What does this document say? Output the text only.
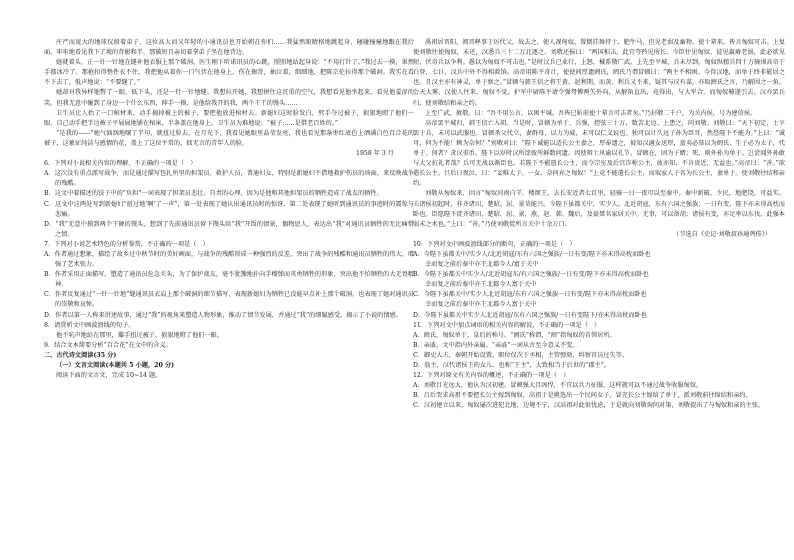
庄严而庞大的地球仪般着弟子，这位高大而又年轻的小通讯员也开始朝在你们……我猛然眼睛格地跳起身，碰碰撞撞地跟在我后面，牢牢地看见我下了坡的背影和半，那破短且亲切着拿弟子坐在他背边。

她就着头，正一针一针地在缝补他衣服上那个破洞。医生刚下听诺讯员的心跳，照照地站起身说：“不用打针了。”我过去一摸，果然手都冰冷了。那抢扣得整件衣不住，我把他从着你一口气伏在他身上，伤在擦背，抽泣着，细细地，把陈宗伦拉得那个破洞。我实在看不下去了，低声地说：“不要缝了。”

她却对我异样地瞥了一眼，低下头，还是一针一针地缝。我想拉开她，我想拼住这沉重的空气，我想看见他坐起来，看见他羞涩的笑。但我无意中碰到了身边一个什么东西，伸手一摸，是他给我开的我，两个干干的馒头……

卫生员让人抬了一口棺材来，动手揭掉被上的被子，要把他放进棺材去。新媳妇这时脸发白，劈手夺过被子，狠狠地瞪了他们一眼，自己动手把半边被子平展展地铺在棺床，半条盖在他身上。卫生员为难地说：“被子……是借老百姓的。”

“是我的——”她气汹汹地嚷了半句，就扭过脸去。在月光下，我看见她眼里晶莹发亮，我也看见那条枣红底色上洒满白色百合花的被子，这象征纯洁与感情的花，盖上了这位平常的、拙无言的青年人的脸。

1958 年 3 月

6．下列对小说相关内容的理解，不正确的一项是（　）

A．这次没有重点派写战争，而是通过描写包扎所里的担架员、救护人员，普通妇女，特别是新媳妇不借地救护伤员的场面，来反映战争的残酷。

B．这文中着描述的饺子中的“负担”一词表现了担架员悲壮、自责的心理，因为是他和其他担架员的牺牲造成了战友的牺牲。

C．这文中这两处写到新媳妇“扭过地‘啊’了一声”，第一处表现了她认出通讯员时的惊讶，第二处表现了她听到通讯员的事迹时的震惊与悲痛。

D．“我”无意中摸到两个干硬的馒头，想到了先前通讯员留下馒头给“我”开饭的情景，偶物思人，表达出“我”对通讯员牺牲的无比痛惜之情。

7．下列对小说艺术特色的分析鉴赏，不正确的一项是（　）

A．作者通过想象，描绘了故乡过中秋节时的美好画面，与战争的残酷形成一种强烈的反差，突出了战争的残酷和通讯员牺牲的伟大，增强了艺术张力。

B．作者采用正面描写，塑造了通讯员危急关头，为了保护战友，毫不犹豫地扑向手榴弹而英勇牺牲的形象，突出他不怕牺牲的大无畏精神。

C．作者反复通过“一针一针地”缝通讯员衣肩上那个破洞的细节描写，表现新媳妇为牺牲已没能早点补上那个破洞，也表现了她对通讯员的崇敬和哀悼。

D．作者以第一人称来讲述故事，通过“我”的视角来塑造人物形象，推动了情节发展，并通过“我”的细腻感受，揭示了小说的情感。

8．请赏析文中画波浪线的句子。

他不吭声地站在那里，攥手扭过被子，狠狠地瞪了他们一眼。

9．结合文本简要分析“百合花”在文中的含义。

二、古代诗文阅读(35 分)

（一）文言文阅读(本题共 5 小题，20 分)

阅读下面的文言文，完成 10~14 题。

禹祖居晋阳，阅晋释事于厉代父，故去之。使人视甸奴，置倒挂舞持士、肥牛马，但见老弱及畜物。使十辈来，皆言匈奴可击。上复使刘敬往使匈奴，未还，汉悉兵三十二万北逐之。刘敬还报曰：“两国相击，此宜夸矜见所长。今臣往见匈奴，徒见羸瘠老弱，此必欲见短，伏奇兵以争利。愚以为匈奴不可击也。”是时汉兵已业行，上怒，械系敬广武。上先至平城，兵未尽到。匈奴纵精兵四十万骑围高帝于白登，七日，汉兵中外不得相救饷。高帝用陈平奇计，使使间厚遗阏氏，阏氏乃谓冒顿曰：“两主不相困。今得汉地，而单于终非能居之也。且汉主亦有神灵，单于察之。”冒顿与韩王信之将王黄、赵利期，而黄、利兵又不来，疑其与汉有谋，亦取阏氏之言，乃解围之一角。会天大雾，汉使人往来，匈奴不觉。护军中尉陈平请令强弩傅两矢外向，从解角直出，竟得出，与大军合，而匈奴骑遂引去。汉亦罢兵归，使刘敬结和亲之约。

上至广武，赦敬。曰：“吾不用公言，以困平城。吾皆已斩前使十辈言可击者矣。”乃封敬二千户，为关内侯，号为建信侯。

高帝罢平城归，韩王信亡入胡。当是时，冒顿为单于，兵强，控弦三十万，数苦北边。上患之，问刘敬。刘敬曰：“天下初定，士卒罢于兵，未可以武服也。冒顿杀父代立，妻群母，以力为威，未可以仁义说也。独可以计久远子孙为臣耳，然恐陛下不能为。”上曰：“诚可，何为不能！顾为奈何？”刘敬对曰：“陛下诚能以适长公主妻之，厚奉遗之，彼知汉適女送厚，蛮夷必慕以为阏氏，生子必为太子，代单于。何者？贪汉重币。陛下以岁时汉所馀彼所鲜数问遗，因使辩士风谕以礼节。冒顿在，固为子婿；死，则外孙为单于。岂尝闻外孙敢与大父抗礼者哉？兵可无战以渐臣也。若陛下不能遣长公主，而令宗室及后宫诈称公主，彼亦知，不肯贵近，无益也。”高帝曰：“善。”欲遣长公主。吕后日夜泣，曰：“妾唯太子、一女，奈何弃之匈奴！”上竟不能遣长公主，而取家人子名为长公主，妻单于。使刘敬往结和亲约。

刘敬从匈奴来，因言“匈奴河南白羊、楼烦王，去长安近者七百里，轻骑一日一夜可以至秦中。秦中新破，少民，地肥饶，可益实。夫诸侯初起时，非齐诸田，楚昭、屈、景莫能兴。今陛下虽都关中，实少人。北近胡寇，东有六国之强族，一日有变，陛下亦未得高枕而卧也。臣愿陛下徙齐诸田，楚昭、屈、景，燕、赵、韩、魏后，及豪桀名家居关中。无事，可以备胡；诸侯有变，亦足率以东伐。此强本弱末之术也。”上曰：“善。”乃使刘敬徙所言关中十余万口。

（节选自《史记·刘敬叔孙通列传》）

10．下列对文中画波浪线部分的断句，正确的一项是（　）

A．今陛下虽都关中/实少人/北近胡寇/东有六国之强族/一日有变/陛下亦未得高枕而卧也

幸而复之前后秦中亦王北郡今人/富于关中

B．今陛下虽都关中实少人/北近胡寇东/有六国之强族/一日有变/陛下亦未得高枕而卧也

幸而复之前后秦中亦王北郡今人富于关中

C．今陛下虽都关中/实少人北近胡寇/东有六国之强族一日有变/陛下亦未得高枕而卧也

幸而复之前后秦中亦王北郡今人富于关中

D．今陛下虽都关中实少人北近胡寇/东有六国之强族/一日有变陛下/亦未得高枕而卧也

11．下列对文中加点词语的相关内容的解说，不正确的一项是（　）

A．阏氏，匈奴单于，皇后的称号。“阏氏”称谓，“阏”指匈奴的首领居所。

B．亲戚，文中指内外亲属。“亲戚”一词从古至今意义不变。

C．御史大夫，秦朝开始设置，职位仅次于丞相，主管弹劾、纠察官员过失等。

D．翁主，汉代诸侯王的女儿。也称“王主”，大致相当于后世的“郡主”。

12．下列对原文有关内容的概述，不正确的一项是（　）

A．刘敬目光远大，他认为汉初建，冒顿强大且凶悍，不宜以兵力征服，这样就可以不通过战争收服匈奴。

B．吕后哭求高祖不要把长公主嫁到匈奴，高祖于是挑选出一个民间女子，冒充长公主嫁给了单于，派刘敬前往缔结和亲约。

C．汉初建立以来，匈奴屡次进犯北地，边境不宁，汉高祖对此很忧虑，于是就向刘敬询问对策，刘敬提出了与匈奴和亲的主张。
